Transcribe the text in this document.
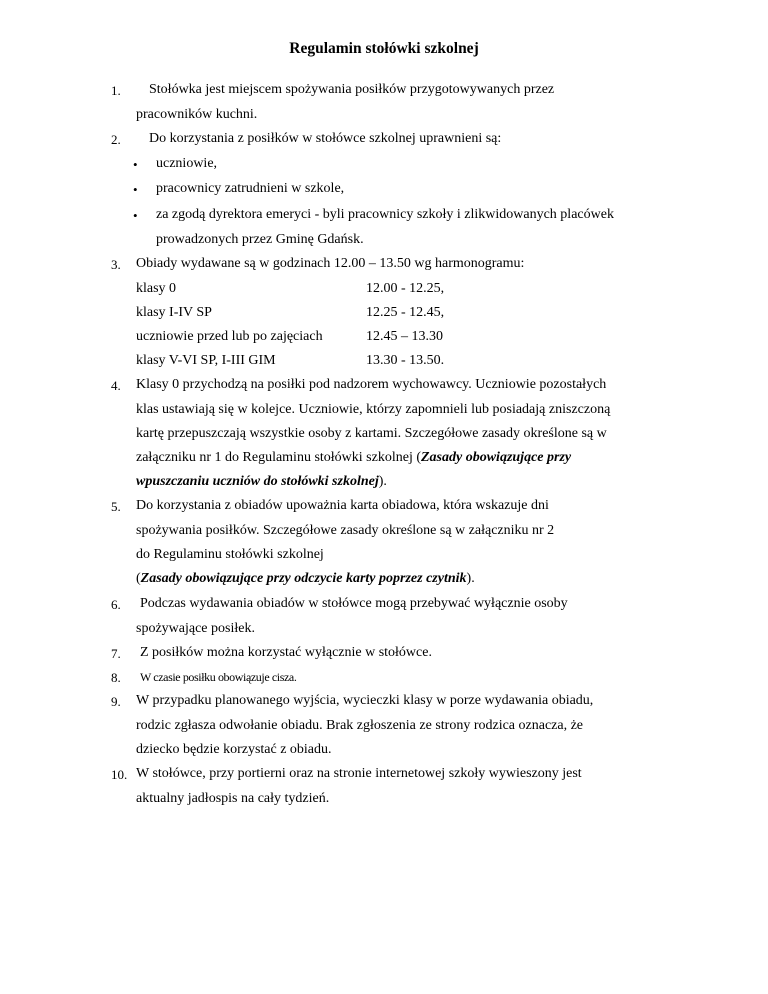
Regulamin stołówki szkolnej
1. Stołówka jest miejscem spożywania posiłków przygotowywanych przez
pracowników kuchni.
2. Do korzystania z posiłków w stołówce szkolnej uprawnieni są:
• uczniowie,
• pracownicy zatrudnieni w szkole,
• za zgodą dyrektora emeryci - byli pracownicy szkoły i zlikwidowanych placówek
prowadzonych przez Gminę Gdańsk.
3. Obiady wydawane są w godzinach 12.00 – 13.50 wg harmonogramu:
klasy 0	12.00 - 12.25,
klasy I-IV SP	12.25 - 12.45,
uczniowie przed lub po zajęciach	12.45 – 13.30
klasy V-VI SP, I-III GIM	13.30 - 13.50.
4. Klasy 0 przychodzą na posiłki pod nadzorem wychowawcy. Uczniowie pozostałych
klas ustawiają się w kolejce. Uczniowie, którzy zapomnieli lub posiadają zniszczoną
kartę przepuszczają wszystkie osoby z kartami. Szczegółowe zasady określone są w
załączniku nr 1 do Regulaminu stołówki szkolnej (Zasady obowiązujące przy
wpuszczaniu uczniów do stołówki szkolnej).
5. Do korzystania z obiadów upoważnia karta obiadowa, która wskazuje dni
spożywania posiłków. Szczegółowe zasady określone są w załączniku nr 2
do Regulaminu stołówki szkolnej
(Zasady obowiązujące przy odczycie karty poprzez czytnik).
6. Podczas wydawania obiadów w stołówce mogą przebywać wyłącznie osoby
spożywające posiłek.
7. Z posiłków można korzystać wyłącznie w stołówce.
8. W czasie posiłku obowiązuje cisza.
9. W przypadku planowanego wyjścia, wycieczki klasy w porze wydawania obiadu,
rodzic zgłasza odwołanie obiadu. Brak zgłoszenia ze strony rodzica oznacza, że
dziecko będzie korzystać z obiadu.
10. W stołówce, przy portierni oraz na stronie internetowej szkoły wywieszony jest
aktualny jadłospis na cały tydzień.
